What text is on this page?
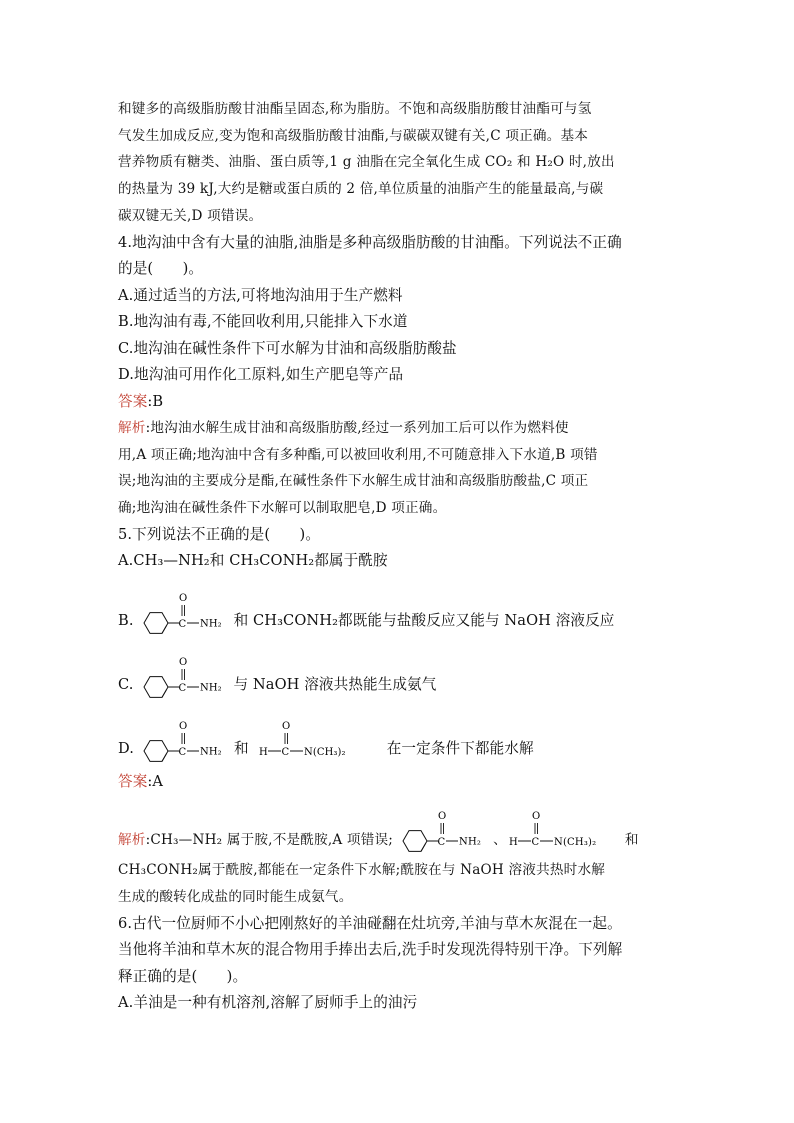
和键多的高级脂肪酸甘油酯呈固态,称为脂肪。不饱和高级脂肪酸甘油酯可与氢

气发生加成反应,变为饱和高级脂肪酸甘油酯,与碳碳双键有关,C 项正确。基本

营养物质有糖类、油脂、蛋白质等,1 g 油脂在完全氧化生成 CO₂ 和 H₂O 时,放出

的热量为 39 kJ,大约是糖或蛋白质的 2 倍,单位质量的油脂产生的能量最高,与碳

碳双键无关,D 项错误。

4.地沟油中含有大量的油脂,油脂是多种高级脂肪酸的甘油酯。下列说法不正确

的是(　　)。

A.通过适当的方法,可将地沟油用于生产燃料

B.地沟油有毒,不能回收利用,只能排入下水道

C.地沟油在碱性条件下可水解为甘油和高级脂肪酸盐

D.地沟油可用作化工原料,如生产肥皂等产品

答案:B

解析:地沟油水解生成甘油和高级脂肪酸,经过一系列加工后可以作为燃料使

用,A 项正确;地沟油中含有多种酯,可以被回收利用,不可随意排入下水道,B 项错

误;地沟油的主要成分是酯,在碱性条件下水解生成甘油和高级脂肪酸盐,C 项正

确;地沟油在碱性条件下水解可以制取肥皂,D 项正确。

5.下列说法不正确的是(　　)。

A.CH₃—NH₂和 CH₃CONH₂都属于酰胺

B.	C
O
NH₂ 和 CH₃CONH₂都既能与盐酸反应又能与 NaOH 溶液反应
C.	C
O
NH₂ 与 NaOH 溶液共热能生成氨气
D.	C
O
NH₂ 和 H C
O
N(CH₃)₂	在一定条件下都能水解

答案:A

解析 :CH₃—NH₂ 属于胺,不是酰胺,A 项错误;	C
O
NH₂ 、 H C
O
N(CH₃)₂ 和

CH₃CONH₂属于酰胺,都能在一定条件下水解;酰胺在与 NaOH 溶液共热时水解

生成的酸转化成盐的同时能生成氨气。

6.古代一位厨师不小心把刚熬好的羊油碰翻在灶坑旁,羊油与草木灰混在一起。

当他将羊油和草木灰的混合物用手捧出去后,洗手时发现洗得特别干净。下列解

释正确的是(　　)。

A.羊油是一种有机溶剂,溶解了厨师手上的油污
